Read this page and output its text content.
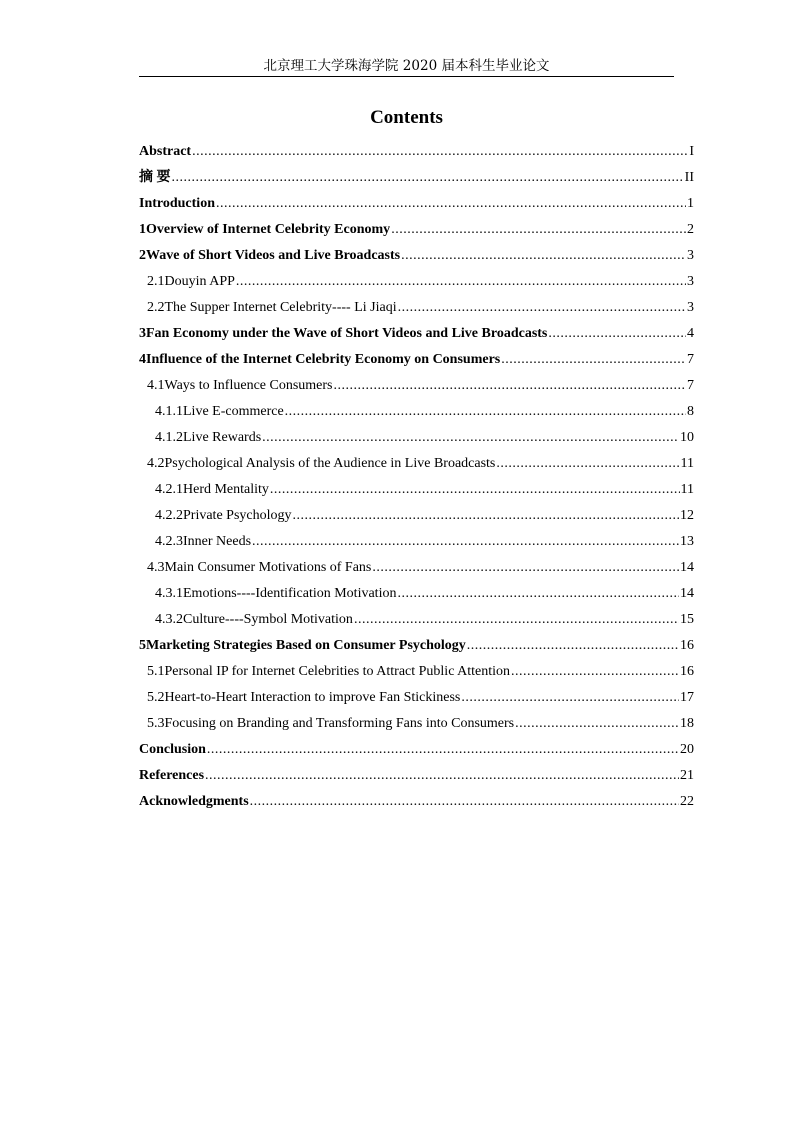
北京理工大学珠海学院 2020 届本科生毕业论文
Contents
Abstract .....	I
摘 要 .....	II
Introduction .....	1
1 Overview of Internet Celebrity Economy .....	2
2 Wave of Short Videos and Live Broadcasts .....	3
2.1 Douyin APP .....	3
2.2 The Supper Internet Celebrity---- Li Jiaqi .....	3
3 Fan Economy under the Wave of Short Videos and Live Broadcasts .....	4
4 Influence of the Internet Celebrity Economy on Consumers .....	7
4.1 Ways to Influence Consumers .....	7
4.1.1 Live E-commerce .....	8
4.1.2 Live Rewards .....	10
4.2 Psychological Analysis of the Audience in Live Broadcasts .....	11
4.2.1 Herd Mentality .....	11
4.2.2 Private Psychology .....	12
4.2.3 Inner Needs .....	13
4.3 Main Consumer Motivations of Fans .....	14
4.3.1 Emotions----Identification Motivation .....	14
4.3.2 Culture----Symbol Motivation .....	15
5 Marketing Strategies Based on Consumer Psychology .....	16
5.1 Personal IP for Internet Celebrities to Attract Public Attention .....	16
5.2 Heart-to-Heart Interaction to improve Fan Stickiness .....	17
5.3 Focusing on Branding and Transforming Fans into Consumers .....	18
Conclusion .....	20
References .....	21
Acknowledgments .....	22
